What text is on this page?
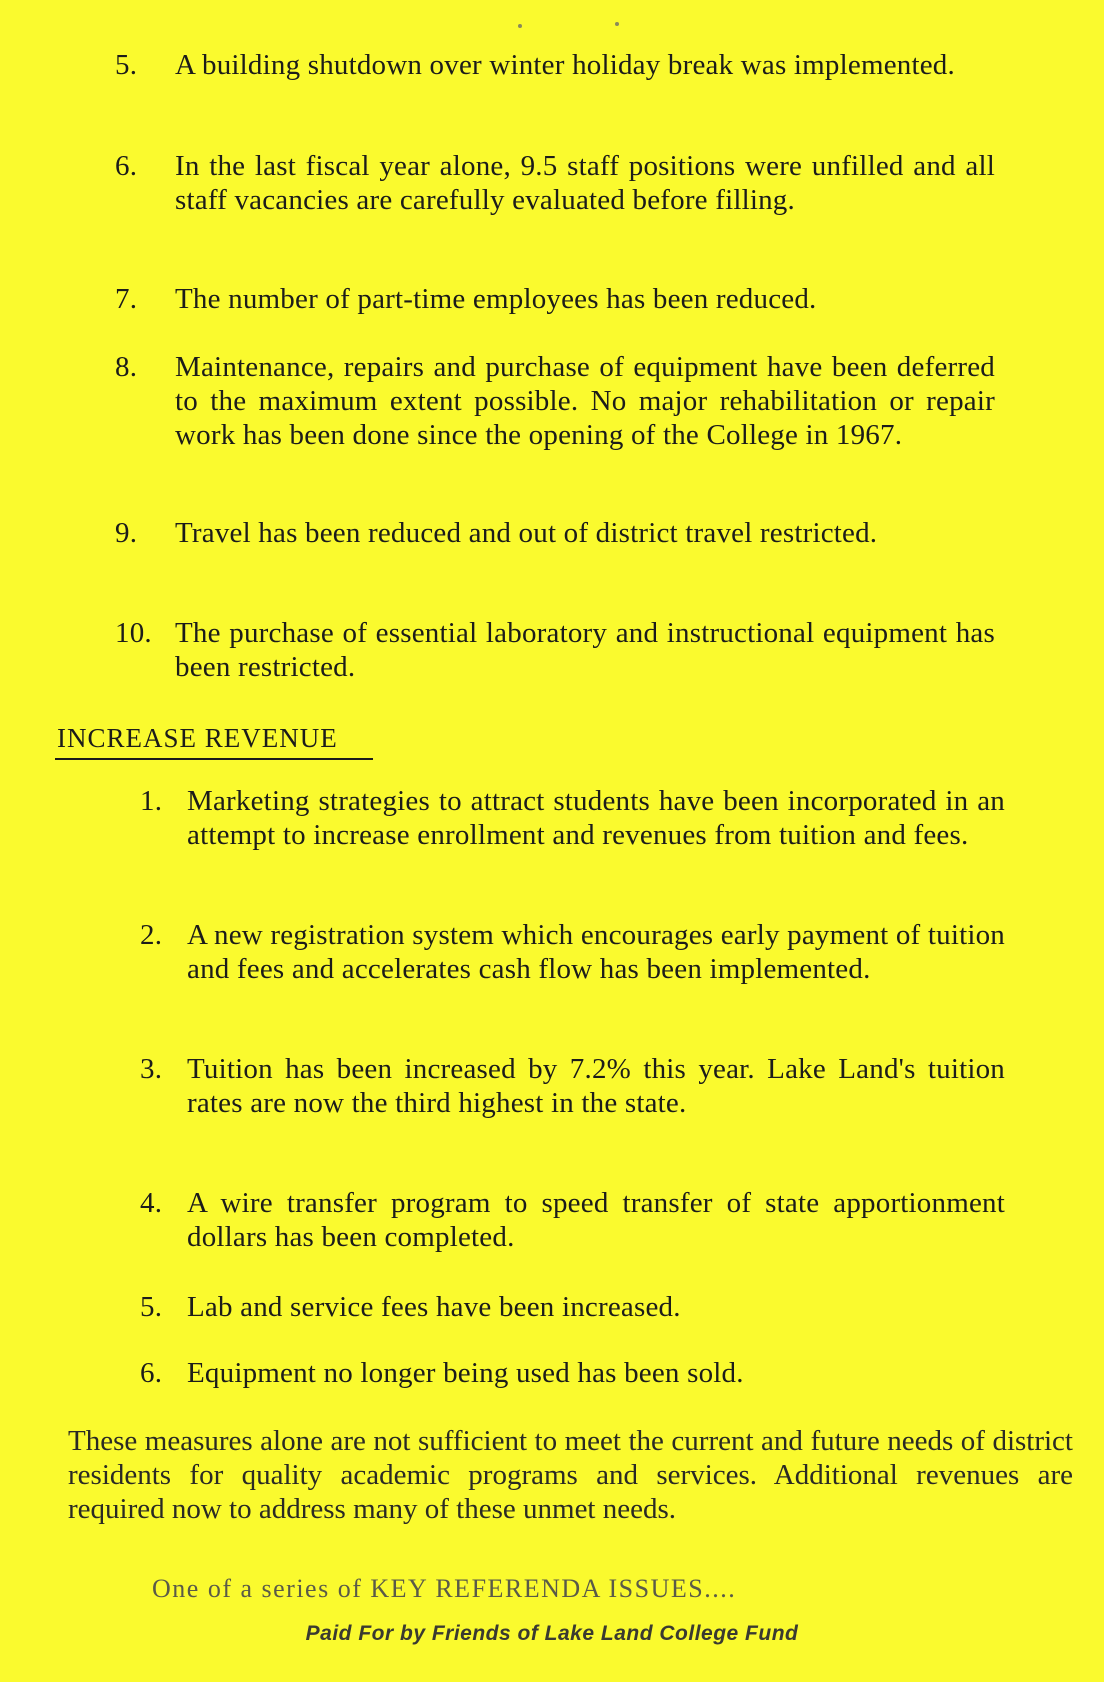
5.	A building shutdown over winter holiday break was implemented.
6.	In the last fiscal year alone, 9.5 staff positions were unfilled and all staff vacancies are carefully evaluated before filling.
7.	The number of part-time employees has been reduced.
8.	Maintenance, repairs and purchase of equipment have been deferred to the maximum extent possible. No major rehabilitation or repair work has been done since the opening of the College in 1967.
9.	Travel has been reduced and out of district travel restricted.
10. The purchase of essential laboratory and instructional equipment has been restricted.
INCREASE REVENUE
1. Marketing strategies to attract students have been incorporated in an attempt to increase enrollment and revenues from tuition and fees.
2. A new registration system which encourages early payment of tuition and fees and accelerates cash flow has been implemented.
3. Tuition has been increased by 7.2% this year. Lake Land's tuition rates are now the third highest in the state.
4. A wire transfer program to speed transfer of state apportionment dollars has been completed.
5. Lab and service fees have been increased.
6. Equipment no longer being used has been sold.
These measures alone are not sufficient to meet the current and future needs of district residents for quality academic programs and services. Additional revenues are required now to address many of these unmet needs.
One of a series of KEY REFERENDA ISSUES....
Paid For by Friends of Lake Land College Fund
